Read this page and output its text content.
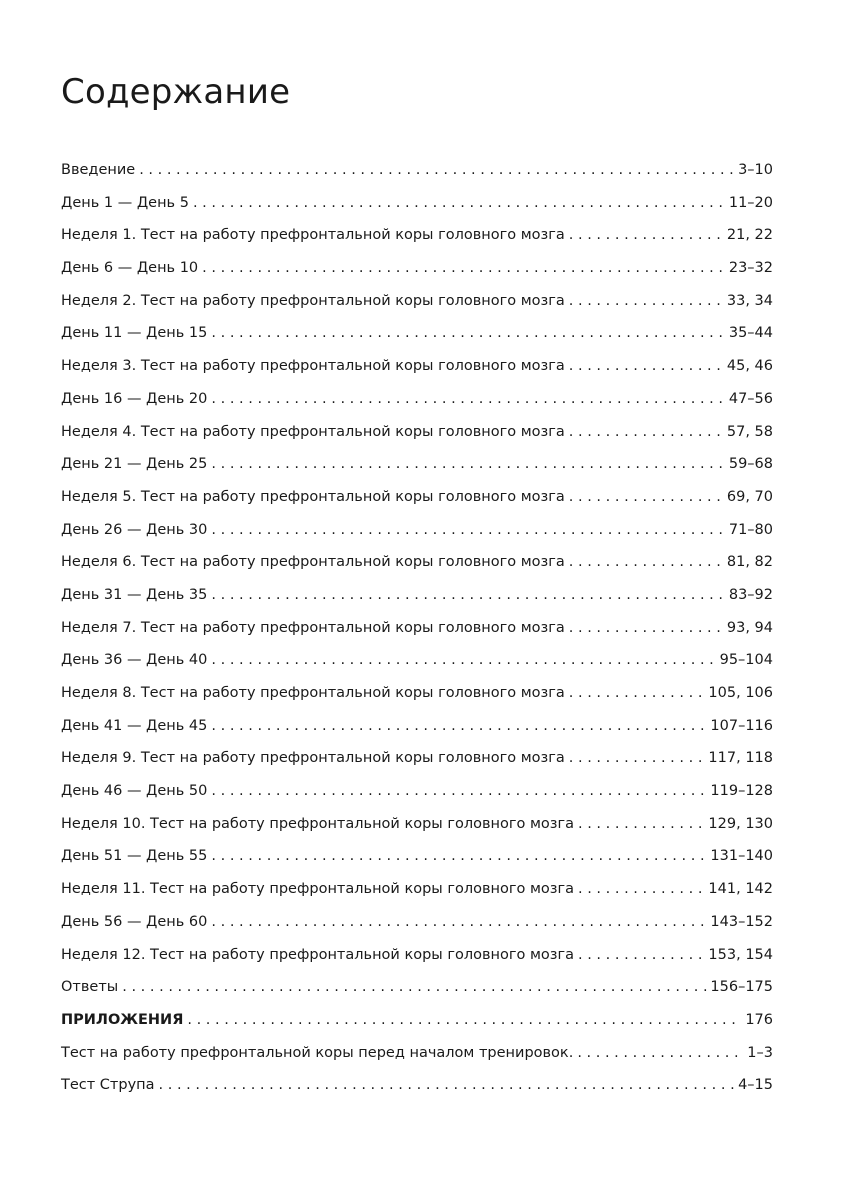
Содержание
Введение . . .	3–10
День 1 — День 5 . . .	11–20
Неделя 1. Тест на работу префронтальной коры головного мозга . . .	21, 22
День 6 — День 10 . . .	23–32
Неделя 2. Тест на работу префронтальной коры головного мозга . . .	33, 34
День 11 — День 15 . . .	35–44
Неделя 3. Тест на работу префронтальной коры головного мозга . . .	45, 46
День 16 — День 20 . . .	47–56
Неделя 4. Тест на работу префронтальной коры головного мозга . . .	57, 58
День 21 — День 25 . . .	59–68
Неделя 5. Тест на работу префронтальной коры головного мозга . . .	69, 70
День 26 — День 30 . . .	71–80
Неделя 6. Тест на работу префронтальной коры головного мозга . . .	81, 82
День 31 — День 35 . . .	83–92
Неделя 7. Тест на работу префронтальной коры головного мозга . . .	93, 94
День 36 — День 40 . . .	95–104
Неделя 8. Тест на работу префронтальной коры головного мозга . . .	105, 106
День 41 — День 45 . . .	107–116
Неделя 9. Тест на работу префронтальной коры головного мозга . . .	117, 118
День 46 — День 50 . . .	119–128
Неделя 10. Тест на работу префронтальной коры головного мозга . . .	129, 130
День 51 — День 55 . . .	131–140
Неделя 11. Тест на работу префронтальной коры головного мозга . . .	141, 142
День 56 — День 60 . . .	143–152
Неделя 12. Тест на работу префронтальной коры головного мозга . . .	153, 154
Ответы . . .	156–175
ПРИЛОЖЕНИЯ . . .	176
Тест на работу префронтальной коры перед началом тренировок. . . .	1–3
Тест Струпа . . .	4–15
